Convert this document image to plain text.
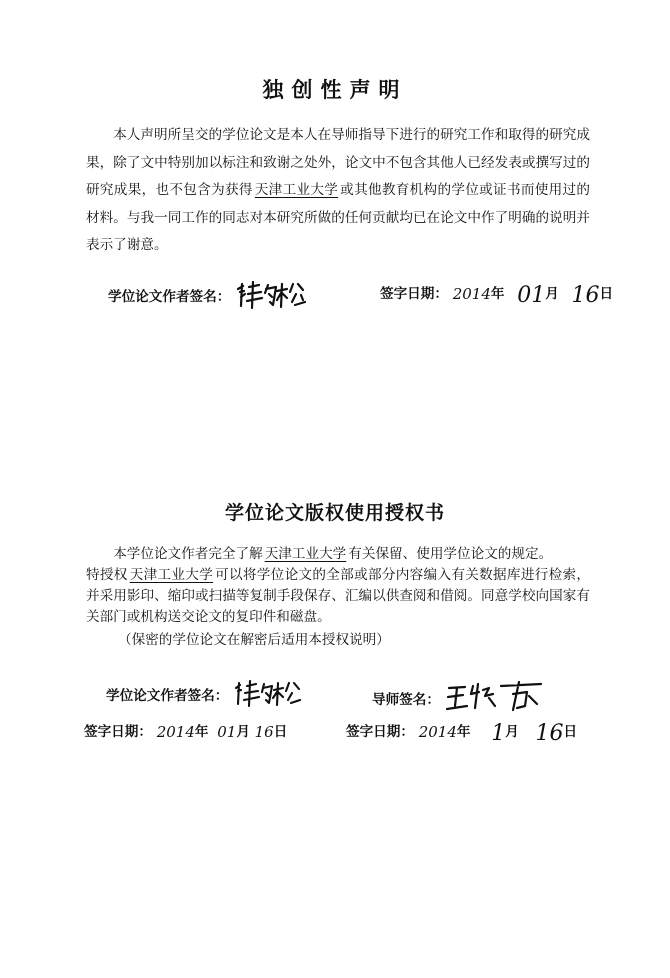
独创性声明

本人声明所呈交的学位论文是本人在导师指导下进行的研究工作和取得的研究成果，除了文中特别加以标注和致谢之处外，论文中不包含其他人已经发表或撰写过的研究成果，也不包含为获得 天津工业大学 或其他教育机构的学位或证书而使用过的材料。与我一同工作的同志对本研究所做的任何贡献均已在论文中作了明确的说明并表示了谢意。

学位论文作者签名：	签字日期： 2014年 01月 16日
学位论文版权使用授权书

本学位论文作者完全了解 天津工业大学 有关保留、使用学位论文的规定。
特授权 天津工业大学 可以将学位论文的全部或部分内容编入有关数据库进行检索，并采用影印、缩印或扫描等复制手段保存、汇编以供查阅和借阅。同意学校向国家有关部门或机构送交论文的复印件和磁盘。

（保密的学位论文在解密后适用本授权说明）
学位论文作者签名：	导师签名：
签字日期： 2014年 01月 16日	签字日期： 2014年 1月 16日
